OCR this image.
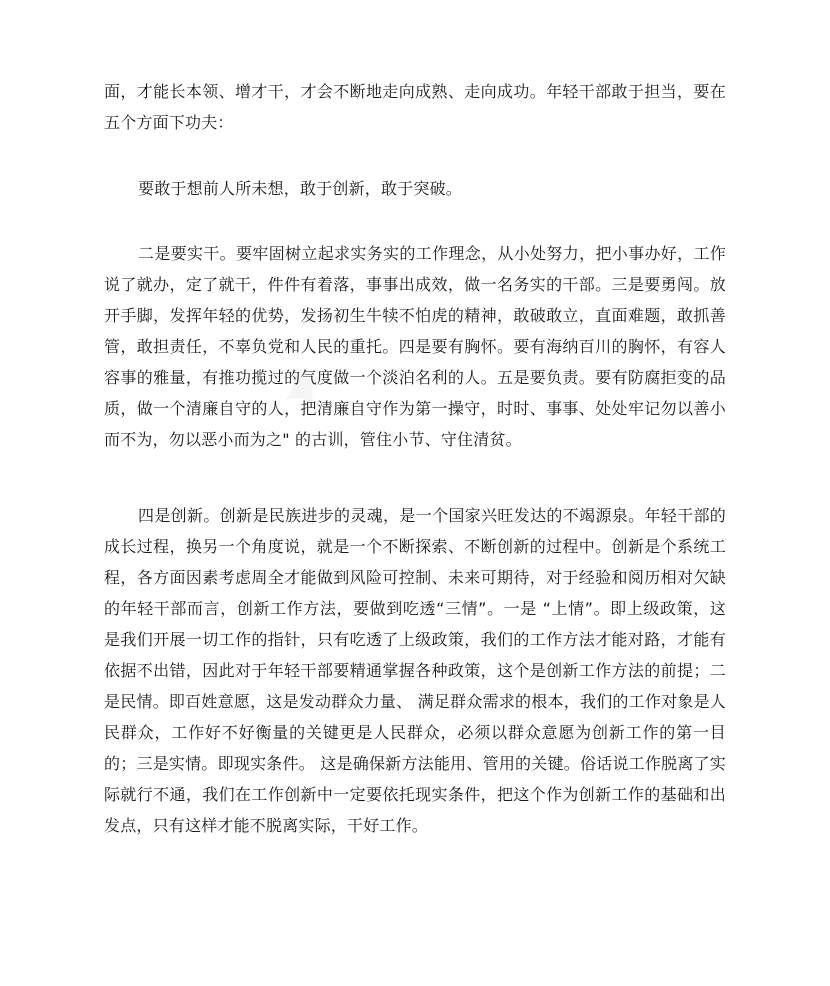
✦

面，才能长本领、增才干，才会不断地走向成熟、走向成功。年轻干部敢于担当，要在五个方面下功夫：

要敢于想前人所未想，敢于创新，敢于突破。

二是要实干。要牢固树立起求实务实的工作理念，从小处努力，把小事办好，工作说了就办，定了就干，件件有着落，事事出成效，做一名务实的干部。三是要勇闯。放开手脚，发挥年轻的优势，发扬初生牛犊不怕虎的精神，敢破敢立，直面难题，敢抓善管，敢担责任，不辜负党和人民的重托。四是要有胸怀。要有海纳百川的胸怀，有容人容事的雅量，有推功揽过的气度做一个淡泊名利的人。五是要负责。要有防腐拒变的品质，做一个清廉自守的人，把清廉自守作为第一操守，时时、事事、处处牢记勿以善小而不为，勿以恶小而为之" 的古训，管住小节、守住清贫。

四是创新。创新是民族进步的灵魂，是一个国家兴旺发达的不竭源泉。年轻干部的成长过程，换另一个角度说，就是一个不断探索、不断创新的过程中。创新是个系统工程，各方面因素考虑周全才能做到风险可控制、未来可期待，对于经验和阅历相对欠缺的年轻干部而言，创新工作方法，要做到吃透“三情”。一是 “上情”。即上级政策，这是我们开展一切工作的指针，只有吃透了上级政策，我们的工作方法才能对路，才能有依据不出错，因此对于年轻干部要精通掌握各种政策，这个是创新工作方法的前提；二是民情。即百姓意愿，这是发动群众力量、 满足群众需求的根本，我们的工作对象是人民群众，工作好不好衡量的关键更是人民群众，必须以群众意愿为创新工作的第一目的；三是实情。即现实条件。 这是确保新方法能用、管用的关键。俗话说工作脱离了实际就行不通，我们在工作创新中一定要依托现实条件，把这个作为创新工作的基础和出发点，只有这样才能不脱离实际，干好工作。
